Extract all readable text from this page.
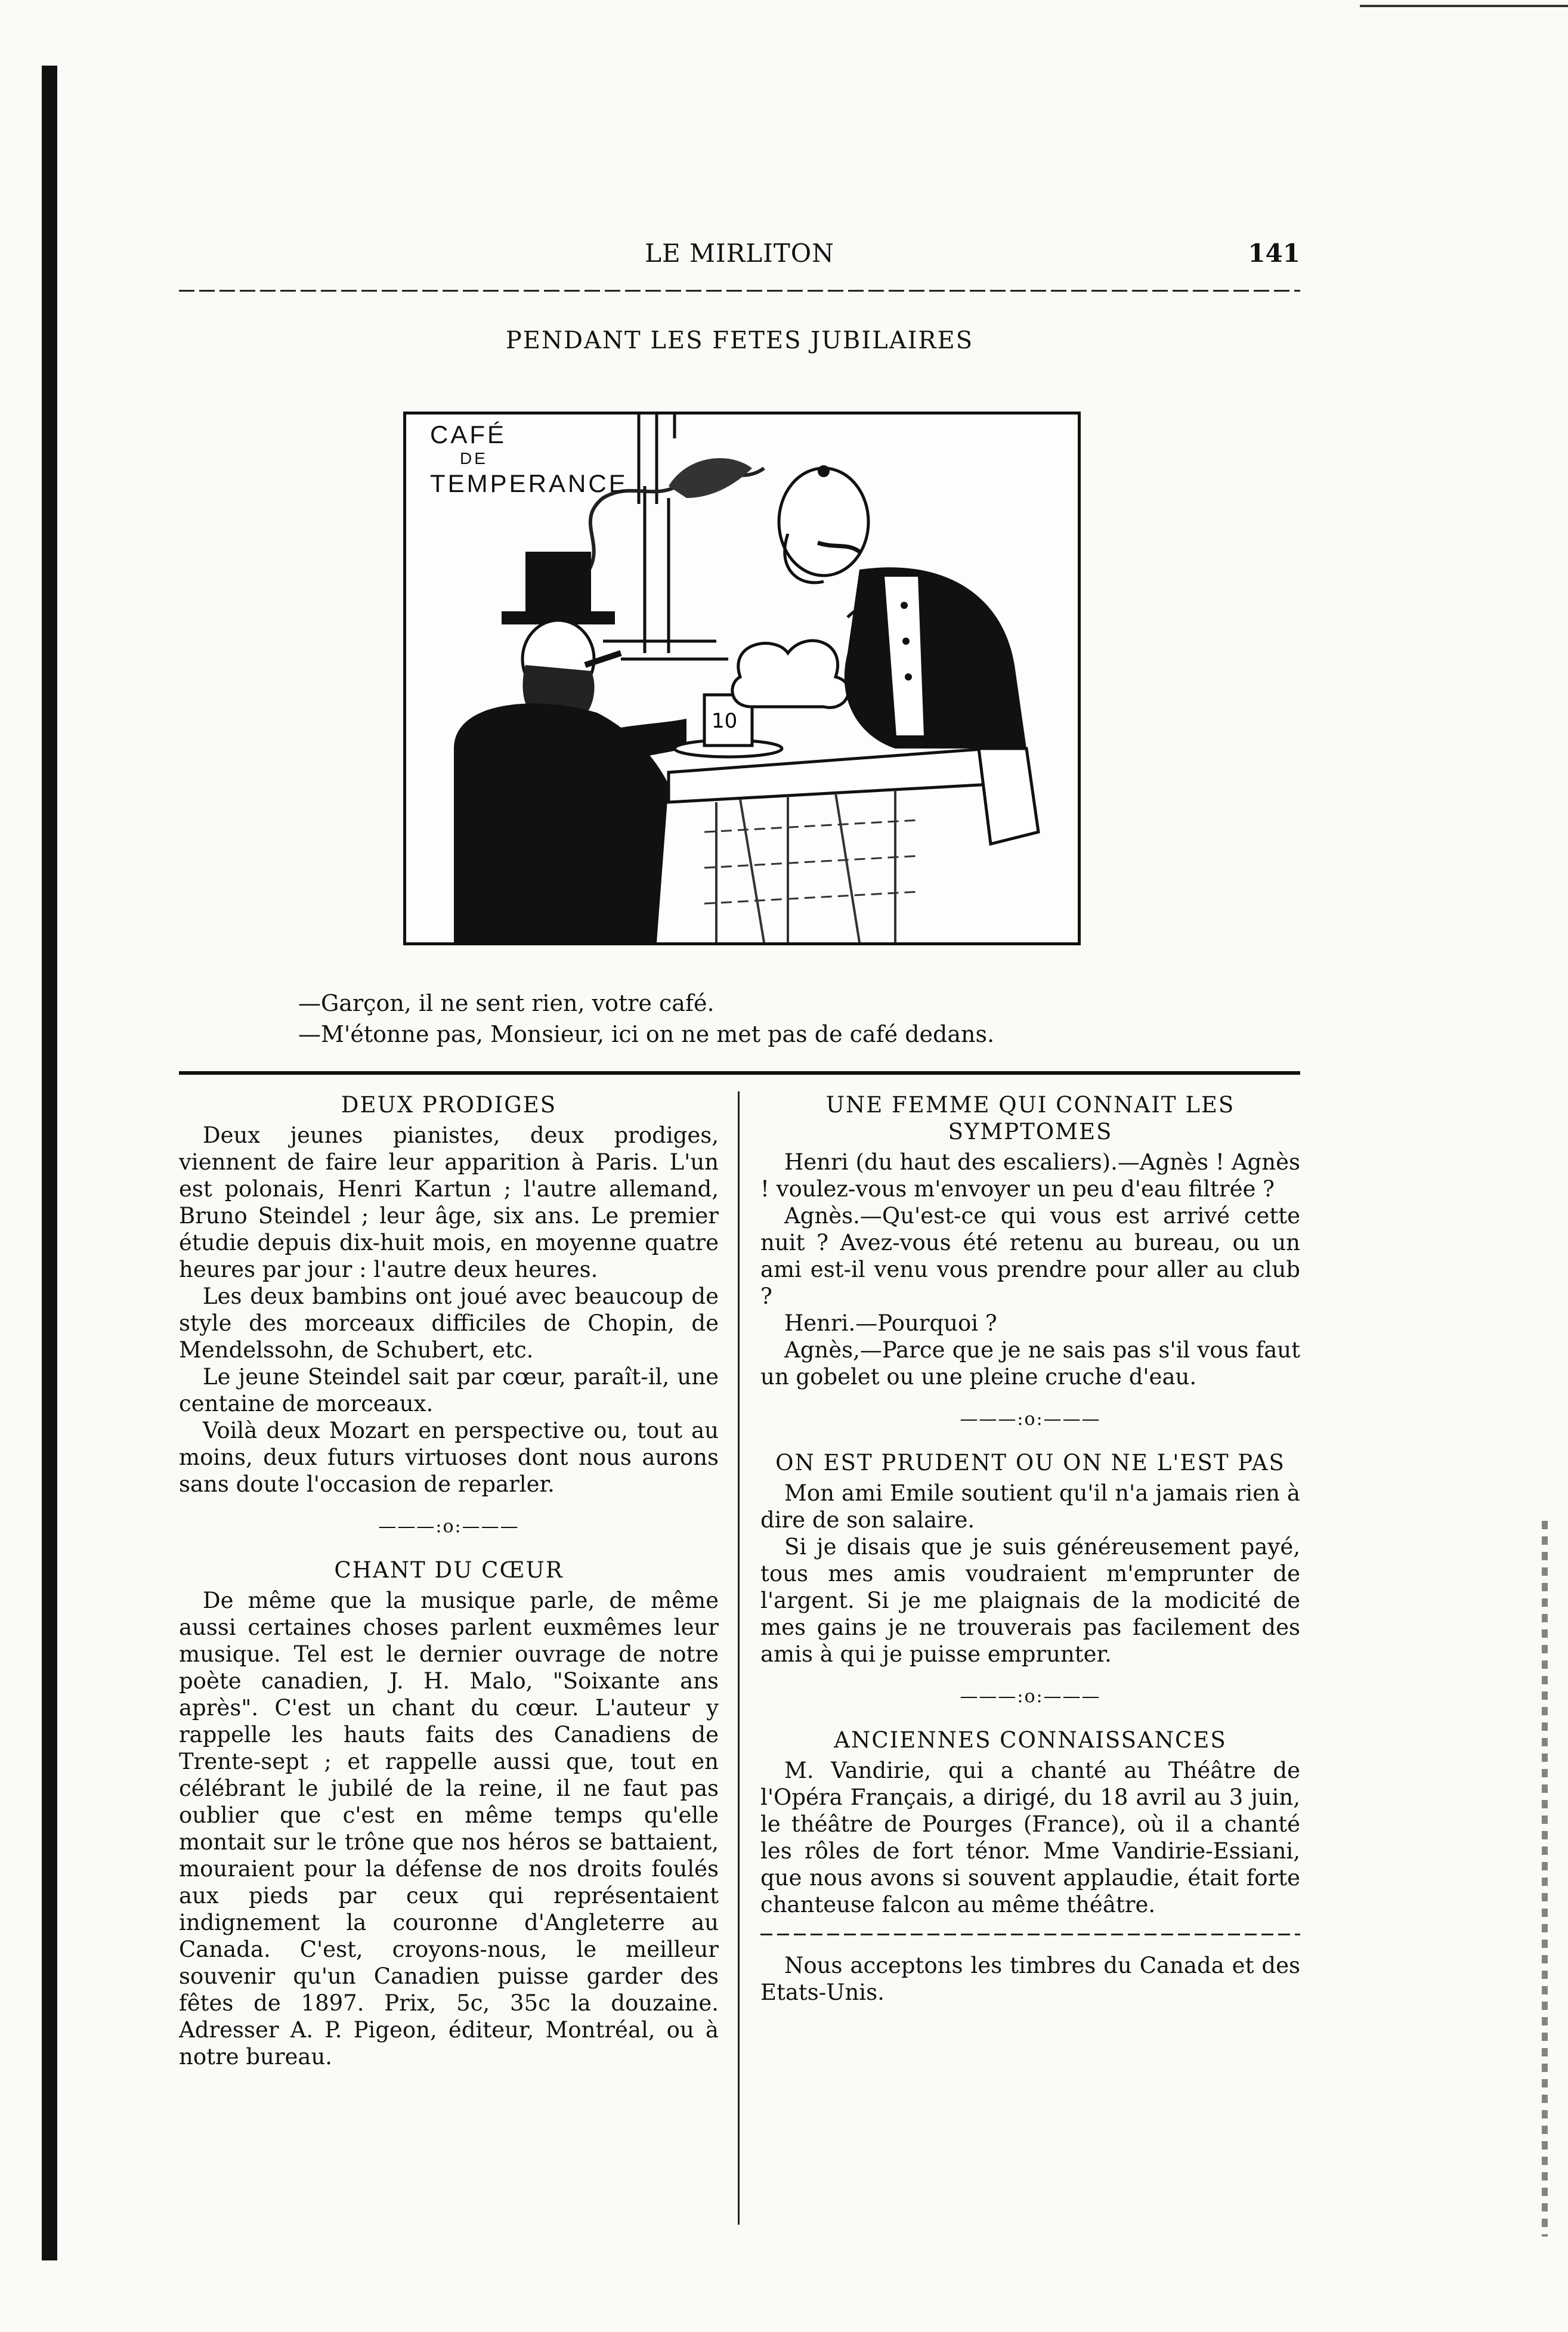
LE MIRLITON	141
PENDANT LES FETES JUBILAIRES
CAFÉ
DE
TEMPERANCE
10
—Garçon, il ne sent rien, votre café.
—M'étonne pas, Monsieur, ici on ne met pas de café dedans.
DEUX PRODIGES

Deux jeunes pianistes, deux prodiges, viennent de faire leur apparition à Paris. L'un est polonais, Henri Kartun ; l'autre allemand, Bruno Steindel ; leur âge, six ans. Le premier étudie depuis dix-huit mois, en moyenne quatre heures par jour : l'autre deux heures.

Les deux bambins ont joué avec beaucoup de style des morceaux difficiles de Chopin, de Mendelssohn, de Schubert, etc.

Le jeune Steindel sait par cœur, paraît-il, une centaine de morceaux.

Voilà deux Mozart en perspective ou, tout au moins, deux futurs virtuoses dont nous aurons sans doute l'occasion de reparler.

———:o:———
CHANT DU CŒUR

De même que la musique parle, de même aussi certaines choses parlent euxmêmes leur musique. Tel est le dernier ouvrage de notre poète canadien, J. H. Malo, "Soixante ans après". C'est un chant du cœur. L'auteur y rappelle les hauts faits des Canadiens de Trente-sept ; et rappelle aussi que, tout en célébrant le jubilé de la reine, il ne faut pas oublier que c'est en même temps qu'elle montait sur le trône que nos héros se battaient, mouraient pour la défense de nos droits foulés aux pieds par ceux qui représentaient indignement la couronne d'Angleterre au Canada. C'est, croyons-nous, le meilleur souvenir qu'un Canadien puisse garder des fêtes de 1897. Prix, 5c, 35c la douzaine. Adresser A. P. Pigeon, éditeur, Montréal, ou à notre bureau.

UNE FEMME QUI CONNAIT LES SYMPTOMES

Henri (du haut des escaliers).—Agnès ! Agnès ! voulez-vous m'envoyer un peu d'eau filtrée ?

Agnès.—Qu'est-ce qui vous est arrivé cette nuit ? Avez-vous été retenu au bureau, ou un ami est-il venu vous prendre pour aller au club ?

Henri.—Pourquoi ?

Agnès,—Parce que je ne sais pas s'il vous faut un gobelet ou une pleine cruche d'eau.

———:o:———
ON EST PRUDENT OU ON NE L'EST PAS

Mon ami Emile soutient qu'il n'a jamais rien à dire de son salaire.

Si je disais que je suis généreusement payé, tous mes amis voudraient m'emprunter de l'argent. Si je me plaignais de la modicité de mes gains je ne trouverais pas facilement des amis à qui je puisse emprunter.

———:o:———
ANCIENNES CONNAISSANCES

M. Vandirie, qui a chanté au Théâtre de l'Opéra Français, a dirigé, du 18 avril au 3 juin, le théâtre de Pourges (France), où il a chanté les rôles de fort ténor. Mme Vandirie-Essiani, que nous avons si souvent applaudie, était forte chanteuse falcon au même théâtre.

Nous acceptons les timbres du Canada et des Etats-Unis.
